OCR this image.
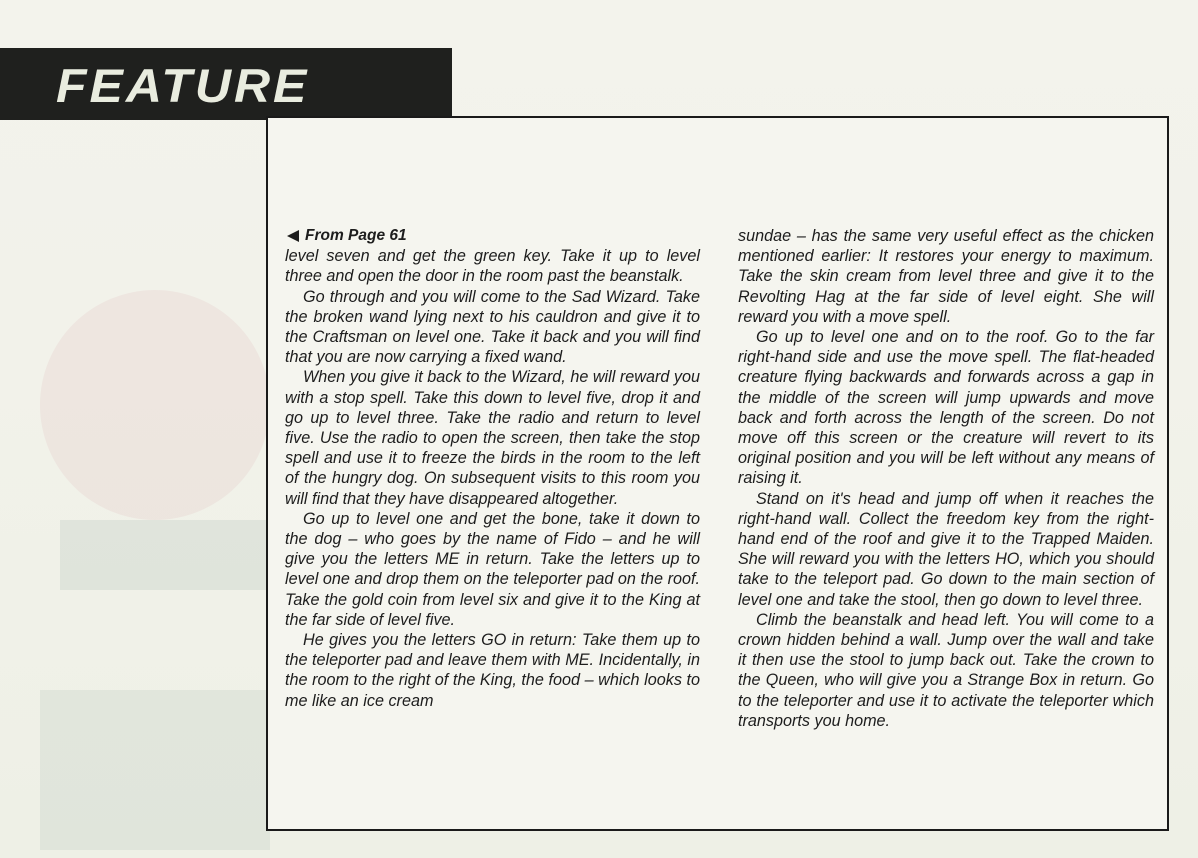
FEATURE
From Page 61

level seven and get the green key. Take it up to level three and open the door in the room past the beanstalk.

Go through and you will come to the Sad Wizard. Take the broken wand lying next to his cauldron and give it to the Craftsman on level one. Take it back and you will find that you are now carrying a fixed wand.

When you give it back to the Wizard, he will reward you with a stop spell. Take this down to level five, drop it and go up to level three. Take the radio and return to level five. Use the radio to open the screen, then take the stop spell and use it to freeze the birds in the room to the left of the hungry dog. On subsequent visits to this room you will find that they have disappeared altogether.

Go up to level one and get the bone, take it down to the dog – who goes by the name of Fido – and he will give you the letters ME in return. Take the letters up to level one and drop them on the teleporter pad on the roof. Take the gold coin from level six and give it to the King at the far side of level five.

He gives you the letters GO in return: Take them up to the teleporter pad and leave them with ME. Incidentally, in the room to the right of the King, the food – which looks to me like an ice cream

sundae – has the same very useful effect as the chicken mentioned earlier: It restores your energy to maximum. Take the skin cream from level three and give it to the Revolting Hag at the far side of level eight. She will reward you with a move spell.

Go up to level one and on to the roof. Go to the far right-hand side and use the move spell. The flat-headed creature flying backwards and forwards across a gap in the middle of the screen will jump upwards and move back and forth across the length of the screen. Do not move off this screen or the creature will revert to its original position and you will be left without any means of raising it.

Stand on it's head and jump off when it reaches the right-hand wall. Collect the freedom key from the right-hand end of the roof and give it to the Trapped Maiden. She will reward you with the letters HO, which you should take to the teleport pad. Go down to the main section of level one and take the stool, then go down to level three.

Climb the beanstalk and head left. You will come to a crown hidden behind a wall. Jump over the wall and take it then use the stool to jump back out. Take the crown to the Queen, who will give you a Strange Box in return. Go to the teleporter and use it to activate the teleporter which transports you home.
